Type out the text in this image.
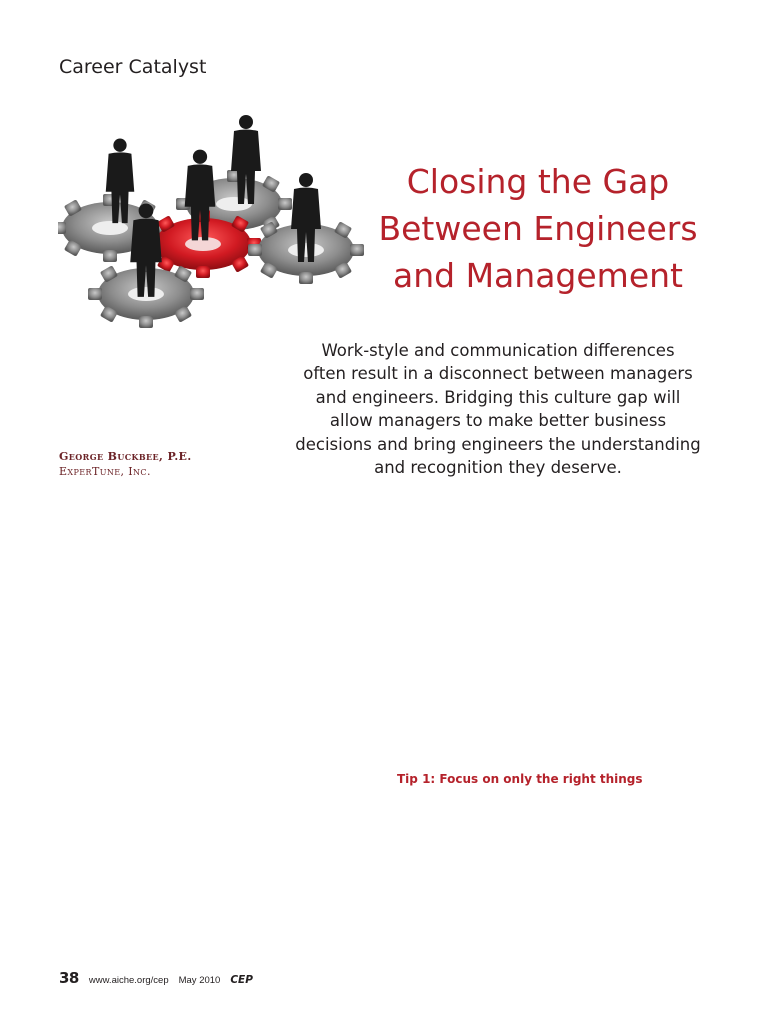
Career Catalyst
Closing the Gap
Between Engineers
and Management

Work-style and communication differences
often result in a disconnect between managers
and engineers. Bridging this culture gap will
allow managers to make better business
decisions and bring engineers the understanding
and recognition they deserve.

George Buckbee, P.E.
ExperTune, Inc.
Tip 1: Focus on only the right things
38 www.aiche.org/cep May 2010 CEP
